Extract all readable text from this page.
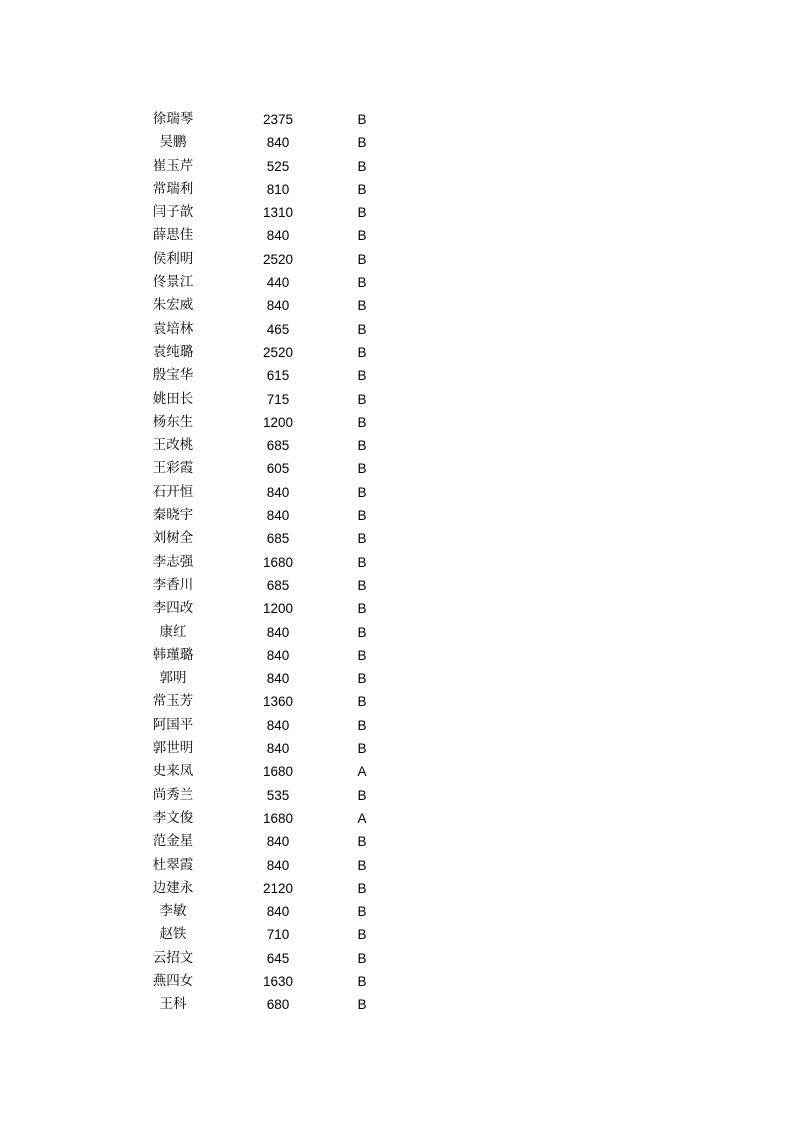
徐瑞琴	2375	B
吴鹏	840	B
崔玉芹	525	B
常瑞利	810	B
闫子歆	1310	B
薛思佳	840	B
侯利明	2520	B
佟景江	440	B
朱宏威	840	B
袁培林	465	B
袁纯璐	2520	B
殷宝华	615	B
姚田长	715	B
杨东生	1200	B
王改桃	685	B
王彩霞	605	B
石开恒	840	B
秦晓宇	840	B
刘树全	685	B
李志强	1680	B
李香川	685	B
李四改	1200	B
康红	840	B
韩瑾璐	840	B
郭明	840	B
常玉芳	1360	B
阿国平	840	B
郭世明	840	B
史来凤	1680	A
尚秀兰	535	B
李文俊	1680	A
范金星	840	B
杜翠霞	840	B
边建永	2120	B
李敏	840	B
赵铁	710	B
云招文	645	B
燕四女	1630	B
王科	680	B
